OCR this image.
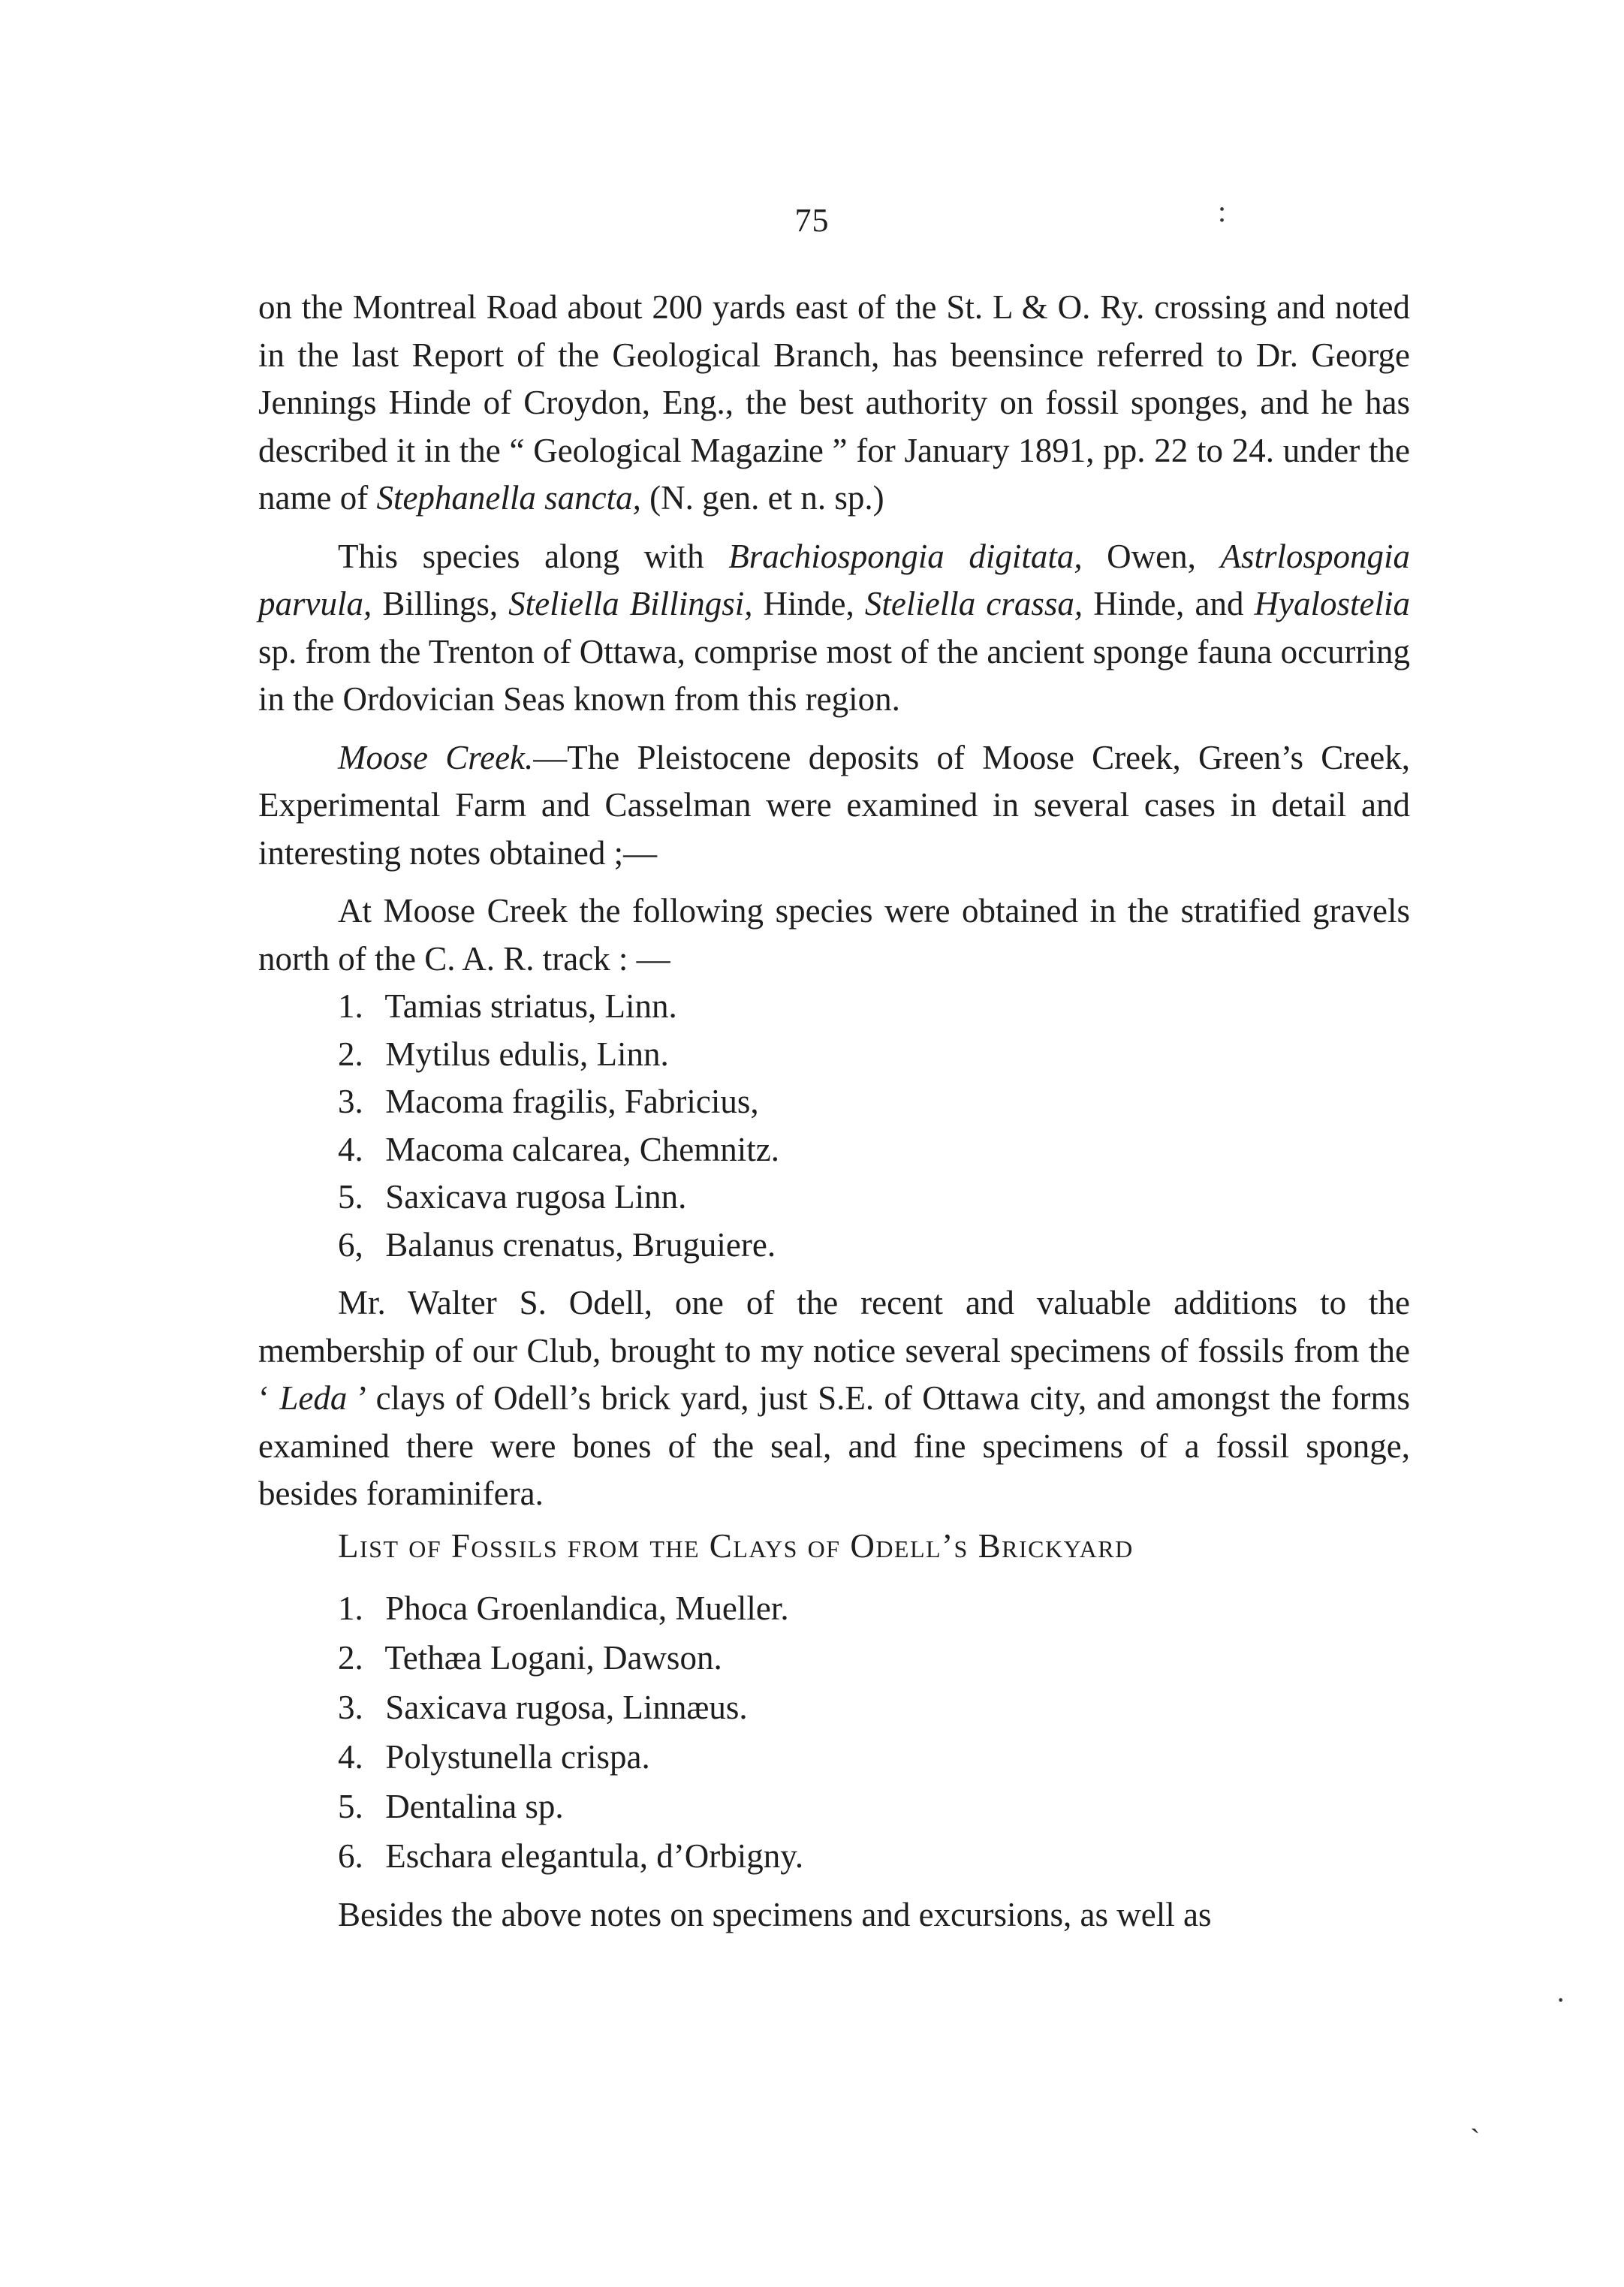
75	:
·
`

on the Montreal Road about 200 yards east of the St. L & O. Ry. crossing and noted in the last Report of the Geological Branch, has beensince referred to Dr. George Jennings Hinde of Croydon, Eng., the best authority on fossil sponges, and he has described it in the “ Geological Magazine ” for January 1891, pp. 22 to 24. under the name of Stephanella sancta, (N. gen. et n. sp.)

This species along with Brachiospongia digitata, Owen, Astrlospongia parvula, Billings, Steliella Billingsi, Hinde, Steliella crassa, Hinde, and Hyalostelia sp. from the Trenton of Ottawa, comprise most of the ancient sponge fauna occurring in the Ordovician Seas known from this region.

Moose Creek.—The Pleistocene deposits of Moose Creek, Green’s Creek, Experimental Farm and Casselman were examined in several cases in detail and interesting notes obtained ;—

At Moose Creek the following species were obtained in the stratified gravels north of the C. A. R. track : —

1. Tamias striatus, Linn.
2. Mytilus edulis, Linn.
3. Macoma fragilis, Fabricius,
4. Macoma calcarea, Chemnitz.
5. Saxicava rugosa Linn.
6, Balanus crenatus, Bruguiere.

Mr. Walter S. Odell, one of the recent and valuable additions to the membership of our Club, brought to my notice several specimens of fossils from the ‘ Leda ’ clays of Odell’s brick yard, just S.E. of Ottawa city, and amongst the forms examined there were bones of the seal, and fine specimens of a fossil sponge, besides foraminifera.

List of Fossils from the Clays of Odell’s Brickyard
1. Phoca Groenlandica, Mueller.
2. Tethæa Logani, Dawson.
3. Saxicava rugosa, Linnæus.
4. Polystunella crispa.
5. Dentalina sp.
6. Eschara elegantula, d’Orbigny.

Besides the above notes on specimens and excursions, as well as
